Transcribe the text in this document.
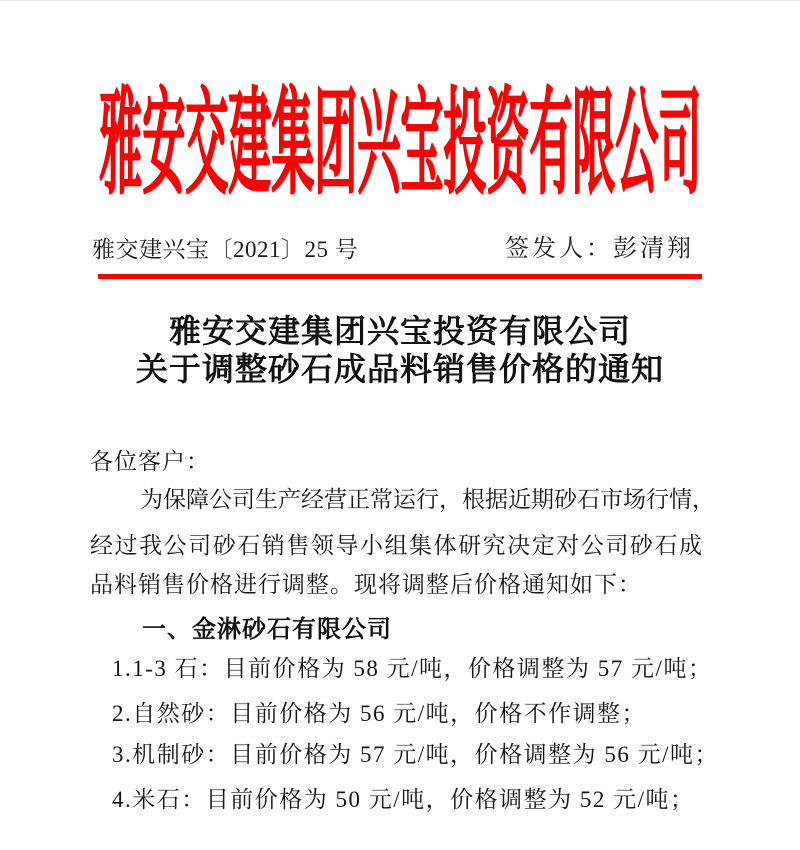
雅安交建集团兴宝投资有限公司
雅交建兴宝〔2021〕25 号	签发人：彭清翔
雅安交建集团兴宝投资有限公司
关于调整砂石成品料销售价格的通知
各位客户：
为保障公司生产经营正常运行，根据近期砂石市场行情，
经过我公司砂石销售领导小组集体研究决定对公司砂石成
品料销售价格进行调整。现将调整后价格通知如下：
一、金淋砂石有限公司
1.1-3 石：目前价格为 58 元/吨，价格调整为 57 元/吨；
2.自然砂：目前价格为 56 元/吨，价格不作调整；
3.机制砂：目前价格为 57 元/吨，价格调整为 56 元/吨；
4.米石：目前价格为 50 元/吨，价格调整为 52 元/吨；
